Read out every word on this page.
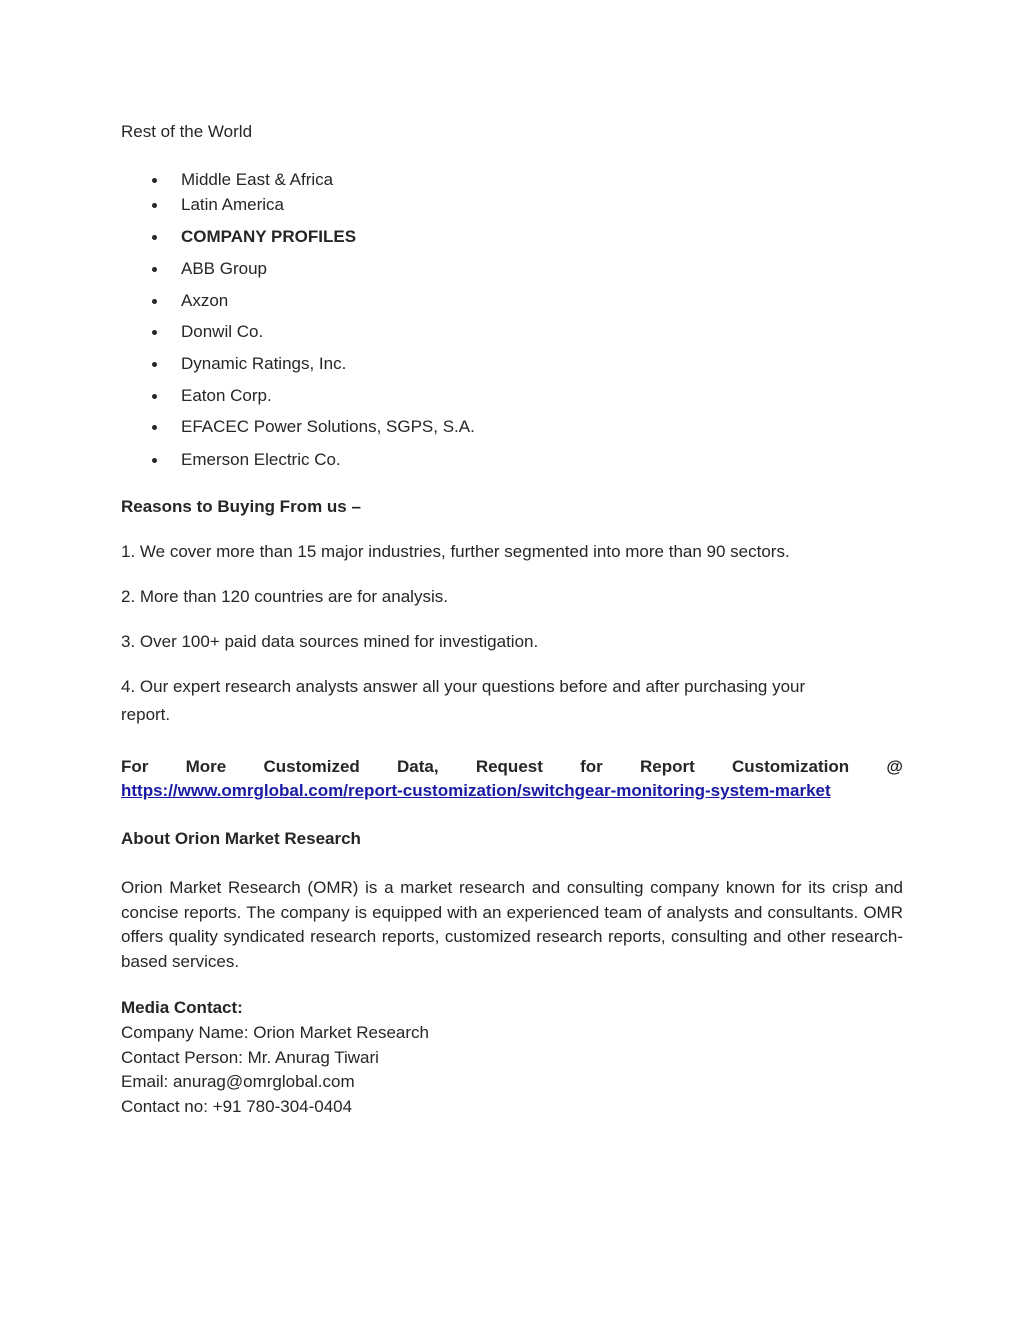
Rest of the World
Middle East & Africa
Latin America
COMPANY PROFILES
ABB Group
Axzon
Donwil Co.
Dynamic Ratings, Inc.
Eaton Corp.
EFACEC Power Solutions, SGPS, S.A.
Emerson Electric Co.
Reasons to Buying From us –
1. We cover more than 15 major industries, further segmented into more than 90 sectors.
2. More than 120 countries are for analysis.
3. Over 100+ paid data sources mined for investigation.
4. Our expert research analysts answer all your questions before and after purchasing your
report.
For More Customized Data, Request for Report Customization @
https://www.omrglobal.com/report-customization/switchgear-monitoring-system-market
About Orion Market Research
Orion Market Research (OMR) is a market research and consulting company known for its crisp and concise reports. The company is equipped with an experienced team of analysts and consultants. OMR offers quality syndicated research reports, customized research reports, consulting and other research-based services.
Media Contact:
Company Name: Orion Market Research
Contact Person: Mr. Anurag Tiwari
Email: anurag@omrglobal.com
Contact no: +91 780-304-0404
